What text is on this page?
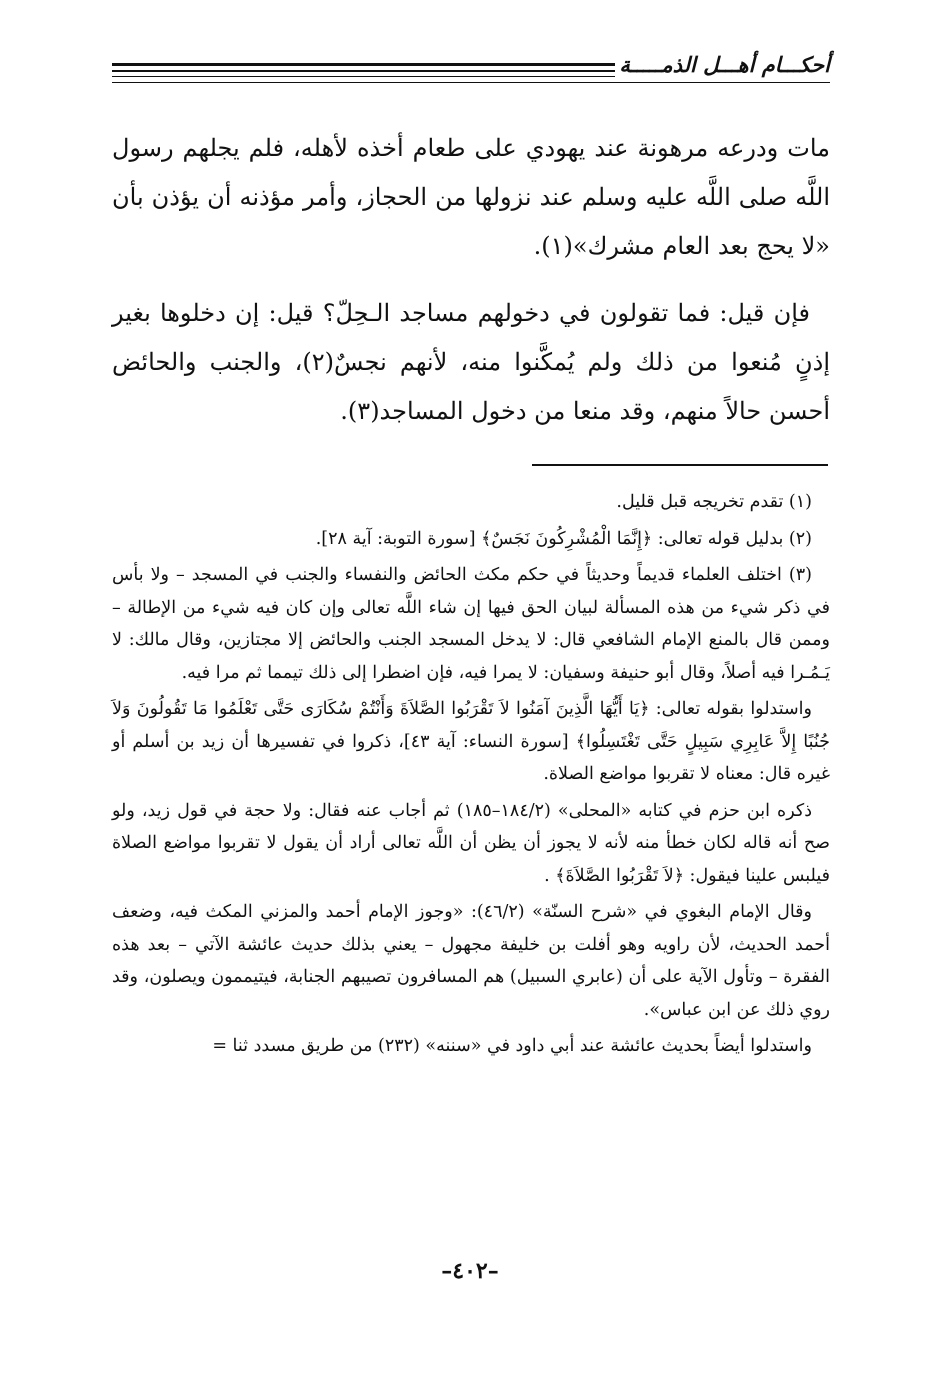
أحكـــام أهـــل الذمـــــة

مات ودرعه مرهونة عند يهودي على طعام أخذه لأهله، فلم يجلهم رسول اللَّه صلى اللَّه عليه وسلم عند نزولها من الحجاز، وأمر مؤذنه أن يؤذن بأن «لا يحج بعد العام مشرك»(١).

فإن قيل: فما تقولون في دخولهم مساجد الـحِلّ؟ قيل: إن دخلوها بغير إذنٍ مُنعوا من ذلك ولم يُمكَّنوا منه، لأنهم نجسٌ(٢)، والجنب والحائض أحسن حالاً منهم، وقد منعا من دخول المساجد(٣).

(١) تقدم تخريجه قبل قليل.

(٢) بدليل قوله تعالى: ﴿إِنَّمَا الْمُشْرِكُونَ نَجَسٌ﴾ [سورة التوبة: آية ٢٨].

(٣) اختلف العلماء قديماً وحديثاً في حكم مكث الحائض والنفساء والجنب في المسجد – ولا بأس في ذكر شيء من هذه المسألة لبيان الحق فيها إن شاء اللَّه تعالى وإن كان فيه شيء من الإطالة – وممن قال بالمنع الإمام الشافعي قال: لا يدخل المسجد الجنب والحائض إلا مجتازين، وقال مالك: لا يَـمُـرا فيه أصلاً، وقال أبو حنيفة وسفيان: لا يمرا فيه، فإن اضطرا إلى ذلك تيمما ثم مرا فيه.

واستدلوا بقوله تعالى: ﴿يَا أَيُّهَا الَّذِينَ آمَنُوا لاَ تَقْرَبُوا الصَّلاَةَ وَأَنْتُمْ سُكَارَى حَتَّى تَعْلَمُوا مَا تَقُولُونَ وَلاَ جُنُبًا إِلاَّ عَابِرِي سَبِيلٍ حَتَّى تَغْتَسِلُوا﴾ [سورة النساء: آية ٤٣]، ذكروا في تفسيرها أن زيد بن أسلم أو غيره قال: معناه لا تقربوا مواضع الصلاة.

ذكره ابن حزم في كتابه «المحلى» (١٨٤/٢–١٨٥) ثم أجاب عنه فقال: ولا حجة في قول زيد، ولو صح أنه قاله لكان خطأ منه لأنه لا يجوز أن يظن أن اللَّه تعالى أراد أن يقول لا تقربوا مواضع الصلاة فيلبس علينا فيقول: ﴿لاَ تَقْرَبُوا الصَّلاَةَ﴾ .

وقال الإمام البغوي في «شرح السنّة» (٤٦/٢): «وجوز الإمام أحمد والمزني المكث فيه، وضعف أحمد الحديث، لأن راويه وهو أفلت بن خليفة مجهول – يعني بذلك حديث عائشة الآتي – بعد هذه الفقرة – وتأول الآية على أن (عابري السبيل) هم المسافرون تصيبهم الجنابة، فيتيممون ويصلون، وقد روي ذلك عن ابن عباس».

واستدلوا أيضاً بحديث عائشة عند أبي داود في «سننه» (٢٣٢) من طريق مسدد ثنا =

–٤٠٢–
